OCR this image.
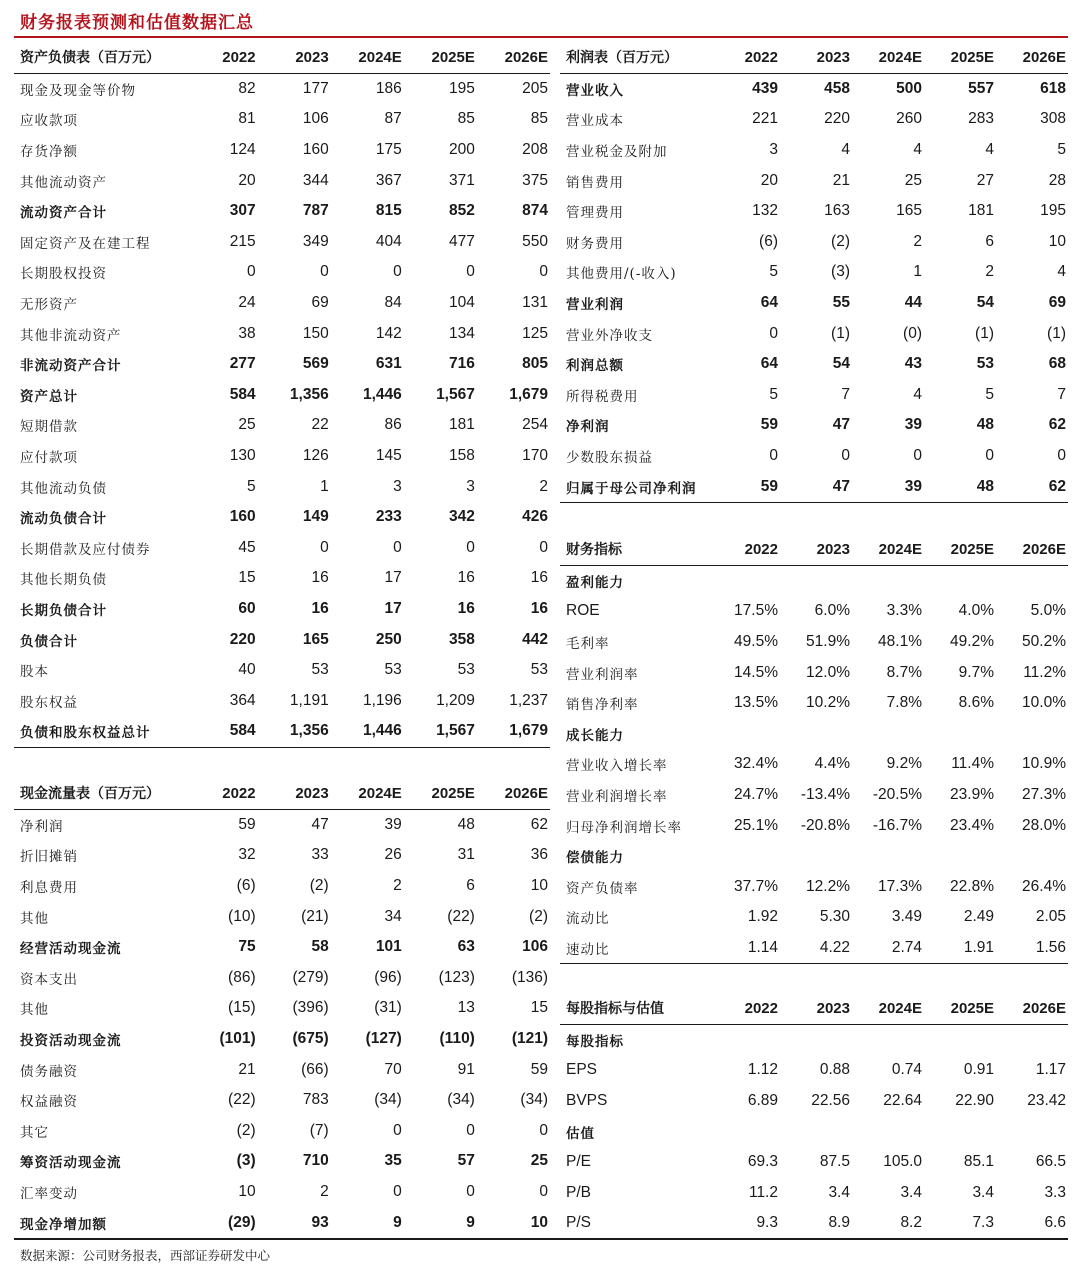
财务报表预测和估值数据汇总
资产负债表（百万元）	2022	2023	2024E	2025E	2026E
现金及现金等价物	82	177	186	195	205
应收款项	81	106	87	85	85
存货净额	124	160	175	200	208
其他流动资产	20	344	367	371	375
流动资产合计	307	787	815	852	874
固定资产及在建工程	215	349	404	477	550
长期股权投资	0	0	0	0	0
无形资产	24	69	84	104	131
其他非流动资产	38	150	142	134	125
非流动资产合计	277	569	631	716	805
资产总计	584	1,356	1,446	1,567	1,679
短期借款	25	22	86	181	254
应付款项	130	126	145	158	170
其他流动负债	5	1	3	3	2
流动负债合计	160	149	233	342	426
长期借款及应付债券	45	0	0	0	0
其他长期负债	15	16	17	16	16
长期负债合计	60	16	17	16	16
负债合计	220	165	250	358	442
股本	40	53	53	53	53
股东权益	364	1,191	1,196	1,209	1,237
负债和股东权益总计	584	1,356	1,446	1,567	1,679
现金流量表（百万元）	2022	2023	2024E	2025E	2026E
净利润	59	47	39	48	62
折旧摊销	32	33	26	31	36
利息费用	(6)	(2)	2	6	10
其他	(10)	(21)	34	(22)	(2)
经营活动现金流	75	58	101	63	106
资本支出	(86)	(279)	(96)	(123)	(136)
其他	(15)	(396)	(31)	13	15
投资活动现金流	(101)	(675)	(127)	(110)	(121)
债务融资	21	(66)	70	91	59
权益融资	(22)	783	(34)	(34)	(34)
其它	(2)	(7)	0	0	0
筹资活动现金流	(3)	710	35	57	25
汇率变动	10	2	0	0	0
现金净增加额	(29)	93	9	9	10
利润表（百万元）	2022	2023	2024E	2025E	2026E
营业收入	439	458	500	557	618
营业成本	221	220	260	283	308
营业税金及附加	3	4	4	4	5
销售费用	20	21	25	27	28
管理费用	132	163	165	181	195
财务费用	(6)	(2)	2	6	10
其他费用/(-收入)	5	(3)	1	2	4
营业利润	64	55	44	54	69
营业外净收支	0	(1)	(0)	(1)	(1)
利润总额	64	54	43	53	68
所得税费用	5	7	4	5	7
净利润	59	47	39	48	62
少数股东损益	0	0	0	0	0
归属于母公司净利润	59	47	39	48	62
财务指标	2022	2023	2024E	2025E	2026E
盈利能力					
ROE	17.5%	6.0%	3.3%	4.0%	5.0%
毛利率	49.5%	51.9%	48.1%	49.2%	50.2%
营业利润率	14.5%	12.0%	8.7%	9.7%	11.2%
销售净利率	13.5%	10.2%	7.8%	8.6%	10.0%
成长能力					
营业收入增长率	32.4%	4.4%	9.2%	11.4%	10.9%
营业利润增长率	24.7%	-13.4%	-20.5%	23.9%	27.3%
归母净利润增长率	25.1%	-20.8%	-16.7%	23.4%	28.0%
偿债能力					
资产负债率	37.7%	12.2%	17.3%	22.8%	26.4%
流动比	1.92	5.30	3.49	2.49	2.05
速动比	1.14	4.22	2.74	1.91	1.56
每股指标与估值	2022	2023	2024E	2025E	2026E
每股指标					
EPS	1.12	0.88	0.74	0.91	1.17
BVPS	6.89	22.56	22.64	22.90	23.42
估值					
P/E	69.3	87.5	105.0	85.1	66.5
P/B	11.2	3.4	3.4	3.4	3.3
P/S	9.3	8.9	8.2	7.3	6.6
数据来源：公司财务报表，西部证券研发中心
